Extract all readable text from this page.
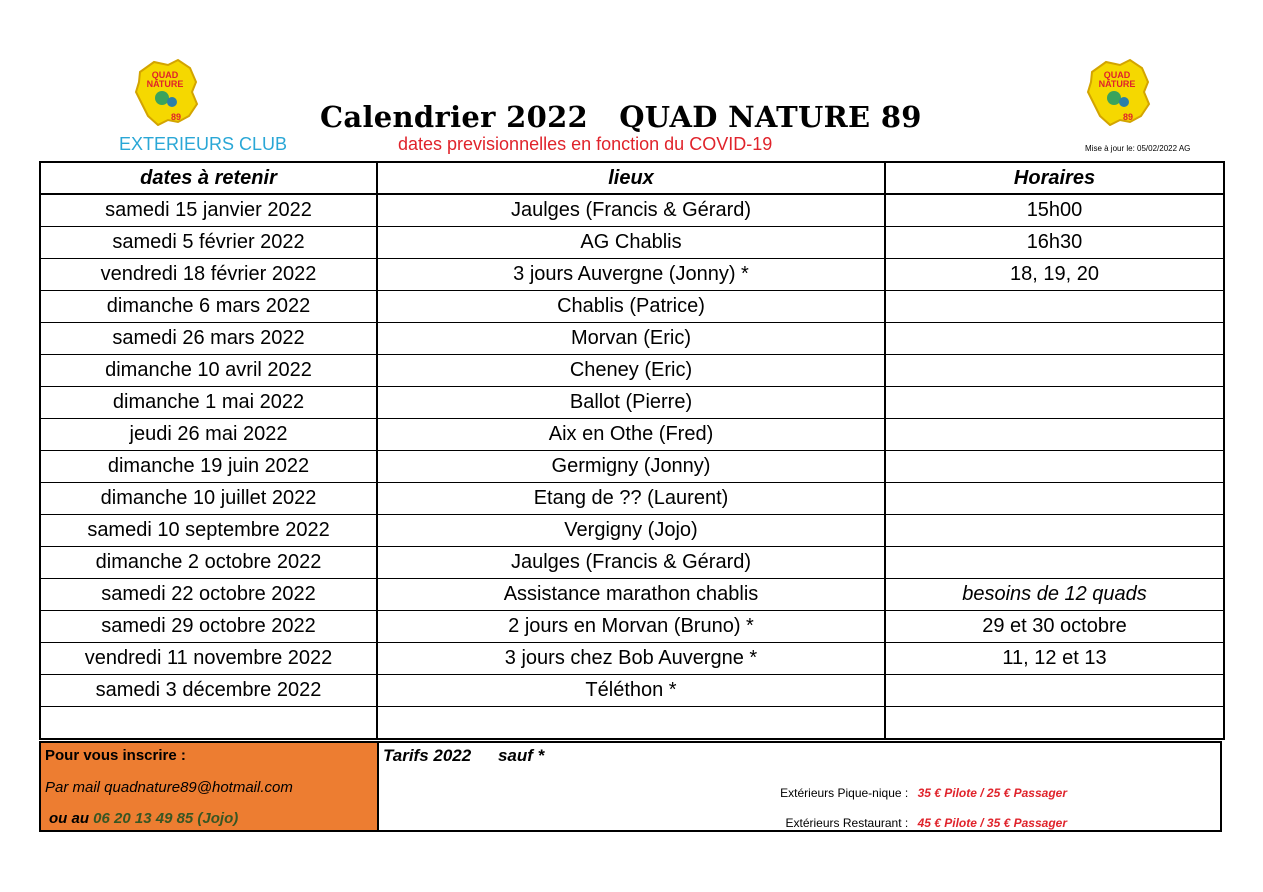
QUAD
NATURE
89
QUAD
NATURE
89
Calendrier 2022   QUAD NATURE 89
EXTERIEURS CLUB	dates previsionnelles en fonction du COVID-19	Mise à jour le: 05/02/2022 AG
dates à retenir	lieux	Horaires
samedi 15 janvier 2022	Jaulges (Francis & Gérard)	15h00
samedi 5 février 2022	AG Chablis	16h30
vendredi 18 février 2022	3 jours Auvergne (Jonny) *	18, 19, 20
dimanche 6 mars 2022	Chablis (Patrice)	
samedi 26 mars 2022	Morvan (Eric)	
dimanche 10 avril 2022	Cheney (Eric)	
dimanche 1 mai 2022	Ballot (Pierre)	
jeudi 26 mai 2022	Aix en Othe (Fred)	
dimanche 19 juin 2022	Germigny (Jonny)	
dimanche 10 juillet 2022	Etang de ?? (Laurent)	
samedi 10 septembre 2022	Vergigny (Jojo)	
dimanche 2 octobre 2022	Jaulges (Francis & Gérard)	
samedi 22 octobre 2022	Assistance marathon chablis	besoins de 12 quads
samedi 29 octobre 2022	2 jours en Morvan (Bruno) *	29 et 30 octobre
vendredi 11 novembre 2022	3 jours chez Bob Auvergne *	11, 12 et 13
samedi 3 décembre 2022	Téléthon *	

Pour vous inscrire :
Par mail quadnature89@hotmail.com
ou au 06 20 13 49 85 (Jojo)
Tarifs 2022 sauf *
Extérieurs Pique-nique : 35 € Pilote / 25 € Passager
Extérieurs Restaurant : 45 € Pilote / 35 € Passager
